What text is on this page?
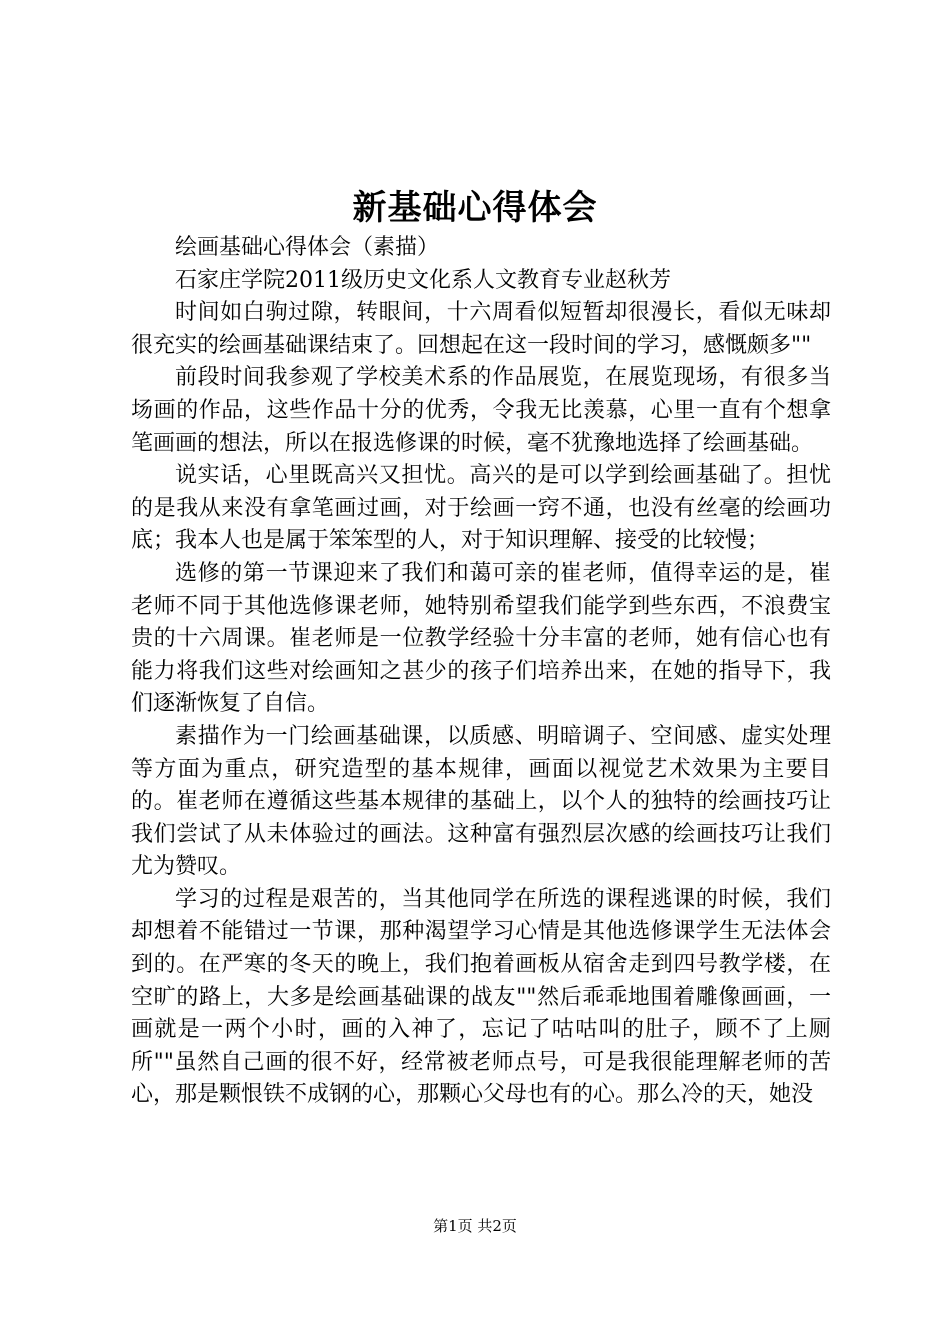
新基础心得体会

绘画基础心得体会（素描）

石家庄学院2011级历史文化系人文教育专业赵秋芳

时间如白驹过隙，转眼间，十六周看似短暂却很漫长，看似无味却很充实的绘画基础课结束了。回想起在这一段时间的学习，感慨颇多""

前段时间我参观了学校美术系的作品展览，在展览现场，有很多当场画的作品，这些作品十分的优秀，令我无比羡慕，心里一直有个想拿笔画画的想法，所以在报选修课的时候，毫不犹豫地选择了绘画基础。

说实话，心里既高兴又担忧。高兴的是可以学到绘画基础了。担忧的是我从来没有拿笔画过画，对于绘画一窍不通，也没有丝毫的绘画功底；我本人也是属于笨笨型的人，对于知识理解、接受的比较慢；

选修的第一节课迎来了我们和蔼可亲的崔老师，值得幸运的是，崔老师不同于其他选修课老师，她特别希望我们能学到些东西，不浪费宝贵的十六周课。崔老师是一位教学经验十分丰富的老师，她有信心也有能力将我们这些对绘画知之甚少的孩子们培养出来，在她的指导下，我们逐渐恢复了自信。

素描作为一门绘画基础课，以质感、明暗调子、空间感、虚实处理等方面为重点，研究造型的基本规律，画面以视觉艺术效果为主要目的。崔老师在遵循这些基本规律的基础上，以个人的独特的绘画技巧让我们尝试了从未体验过的画法。这种富有强烈层次感的绘画技巧让我们尤为赞叹。

学习的过程是艰苦的，当其他同学在所选的课程逃课的时候，我们却想着不能错过一节课，那种渴望学习心情是其他选修课学生无法体会到的。在严寒的冬天的晚上，我们抱着画板从宿舍走到四号教学楼，在空旷的路上，大多是绘画基础课的战友""然后乖乖地围着雕像画画，一画就是一两个小时，画的入神了，忘记了咕咕叫的肚子，顾不了上厕所""虽然自己画的很不好，经常被老师点号，可是我很能理解老师的苦心，那是颗恨铁不成钢的心，那颗心父母也有的心。那么冷的天，她没

第1页 共2页
